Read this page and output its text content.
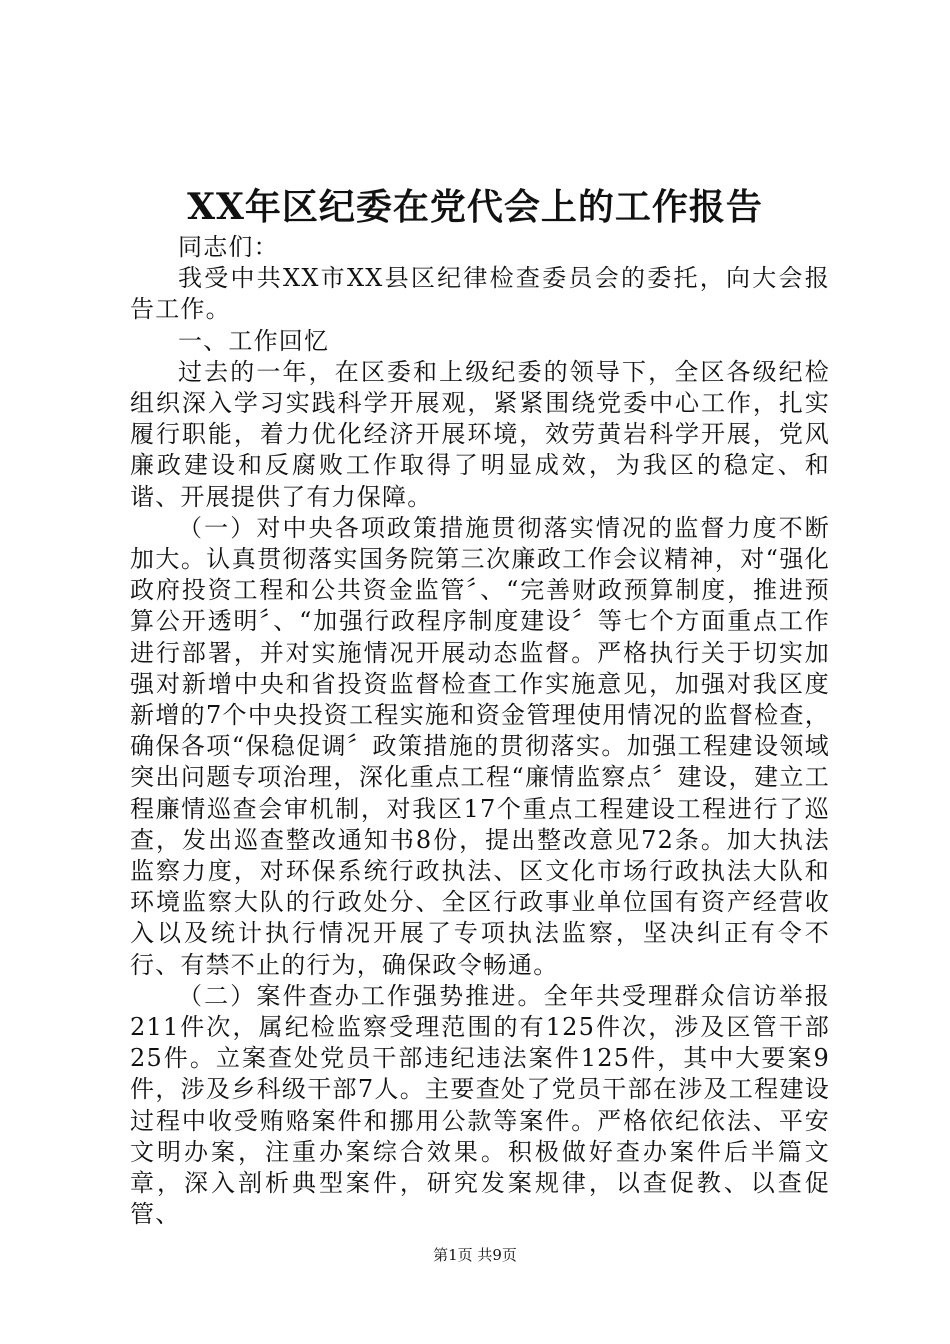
XX年区纪委在党代会上的工作报告

同志们：

我受中共XX市XX县区纪律检查委员会的委托，向大会报告工作。

一、工作回忆

过去的一年，在区委和上级纪委的领导下，全区各级纪检组织深入学习实践科学开展观，紧紧围绕党委中心工作，扎实履行职能，着力优化经济开展环境，效劳黄岩科学开展，党风廉政建设和反腐败工作取得了明显成效，为我区的稳定、和谐、开展提供了有力保障。

（一）对中央各项政策措施贯彻落实情况的监督力度不断加大。认真贯彻落实国务院第三次廉政工作会议精神，对“强化政府投资工程和公共资金监管〞、“完善财政预算制度，推进预算公开透明〞、“加强行政程序制度建设〞等七个方面重点工作进行部署，并对实施情况开展动态监督。严格执行关于切实加强对新增中央和省投资监督检查工作实施意见，加强对我区度新增的7个中央投资工程实施和资金管理使用情况的监督检查，确保各项“保稳促调〞政策措施的贯彻落实。加强工程建设领域突出问题专项治理，深化重点工程“廉情监察点〞建设，建立工程廉情巡查会审机制，对我区17个重点工程建设工程进行了巡查，发出巡查整改通知书8份，提出整改意见72条。加大执法监察力度，对环保系统行政执法、区文化市场行政执法大队和环境监察大队的行政处分、全区行政事业单位国有资产经营收入以及统计执行情况开展了专项执法监察，坚决纠正有令不行、有禁不止的行为，确保政令畅通。

（二）案件查办工作强势推进。全年共受理群众信访举报211件次，属纪检监察受理范围的有125件次，涉及区管干部25件。立案查处党员干部违纪违法案件125件，其中大要案9件，涉及乡科级干部7人。主要查处了党员干部在涉及工程建设过程中收受贿赂案件和挪用公款等案件。严格依纪依法、平安文明办案，注重办案综合效果。积极做好查办案件后半篇文章，深入剖析典型案件，研究发案规律，以查促教、以查促管、

第1页 共9页
